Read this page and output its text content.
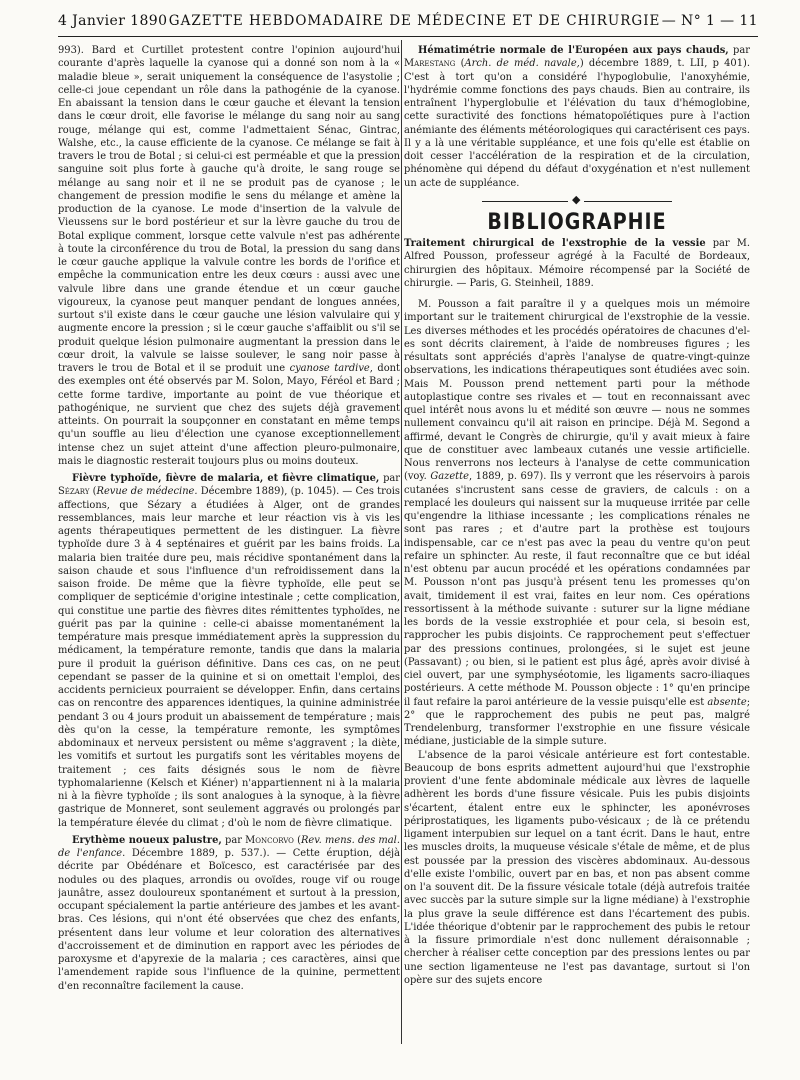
4 Janvier 1890 GAZETTE HEBDOMADAIRE DE MÉDECINE ET DE CHIRURGIE — N° 1 — 11

993). Bard et Curtillet protestent contre l'opinion aujourd'hui courante d'après laquelle la cyanose qui a donné son nom à la « maladie bleue », serait uniquement la conséquence de l'asystolie ; celle-ci joue cependant un rôle dans la pathogénie de la cyanose. En abaissant la tension dans le cœur gauche et élevant la tension dans le cœur droit, elle favorise le mélange du sang noir au sang rouge, mélange qui est, comme l'admettaient Sénac, Gintrac, Walshe, etc., la cause efficiente de la cyanose. Ce mélange se fait à travers le trou de Botal ; si celui-ci est perméable et que la pression sanguine soit plus forte à gauche qu'à droite, le sang rouge se mélange au sang noir et il ne se produit pas de cyanose ; le changement de pression modifie le sens du mélange et amène la production de la cyanose. Le mode d'insertion de la valvule de Vieussens sur le bord postérieur et sur la lèvre gauche du trou de Botal explique comment, lorsque cette valvule n'est pas adhérente à toute la circonférence du trou de Botal, la pression du sang dans le cœur gauche applique la valvule contre les bords de l'orifice et empêche la communication entre les deux cœurs : aussi avec une valvule libre dans une grande étendue et un cœur gauche vigoureux, la cyanose peut manquer pendant de longues années, surtout s'il existe dans le cœur gauche une lésion valvulaire qui y augmente encore la pression ; si le cœur gauche s'affaiblit ou s'il se produit quelque lésion pulmonaire augmentant la pression dans le cœur droit, la valvule se laisse soulever, le sang noir passe à travers le trou de Botal et il se produit une cyanose tardive, dont des exemples ont été observés par M. Solon, Mayo, Féréol et Bard ; cette forme tardive, importante au point de vue théorique et pathogénique, ne survient que chez des sujets déjà gravement atteints. On pourrait la soupçonner en constatant en même temps qu'un souffle au lieu d'élection une cyanose exceptionnellement intense chez un sujet atteint d'une affection pleuro-pulmonaire, mais le diagnostic resterait toujours plus ou moins douteux.

Fièvre typhoïde, fièvre de malaria, et fièvre climatique, par Sézary (Revue de médecine. Décembre 1889), (p. 1045). — Ces trois affections, que Sézary a étudiées à Alger, ont de grandes ressemblances, mais leur marche et leur réaction vis à vis les agents thérapeutiques permettent de les distinguer. La fièvre typhoïde dure 3 à 4 septénaires et guérit par les bains froids. La malaria bien traitée dure peu, mais récidive spontanément dans la saison chaude et sous l'influence d'un refroidissement dans la saison froide. De même que la fièvre typhoïde, elle peut se compliquer de septicémie d'origine intestinale ; cette complication, qui constitue une partie des fièvres dites rémittentes typhoïdes, ne guérit pas par la quinine : celle-ci abaisse momentanément la température mais presque immédiatement après la suppression du médicament, la température remonte, tandis que dans la malaria pure il produit la guérison définitive. Dans ces cas, on ne peut cependant se passer de la quinine et si on omettait l'emploi, des accidents pernicieux pourraient se développer. Enfin, dans certains cas on rencontre des apparences identiques, la quinine administrée pendant 3 ou 4 jours produit un abaissement de température ; mais dès qu'on la cesse, la température remonte, les symptômes abdominaux et nerveux persistent ou même s'aggravent ; la diète, les vomitifs et surtout les purgatifs sont les véritables moyens de traitement ; ces faits désignés sous le nom de fièvre typhomalarienne (Kelsch et Kiéner) n'appartiennent ni à la malaria ni à la fièvre typhoïde ; ils sont analogues à la synoque, à la fièvre gastrique de Monneret, sont seulement aggravés ou prolongés par la température élevée du climat ; d'où le nom de fièvre climatique.

Erythème noueux palustre, par Moncorvo (Rev. mens. des mal. de l'enfance. Décembre 1889, p. 537.). — Cette éruption, déjà décrite par Obédénare et Boïcesco, est caractérisée par des nodules ou des plaques, arrondis ou ovoïdes, rouge vif ou rouge jaunâtre, assez douloureux spontanément et surtout à la pression, occupant spécialement la partie antérieure des jambes et les avant-bras. Ces lésions, qui n'ont été observées que chez des enfants, présentent dans leur volume et leur coloration des alternatives d'accroissement et de diminution en rapport avec les périodes de paroxysme et d'apyrexie de la malaria ; ces caractères, ainsi que l'amendement rapide sous l'influence de la quinine, permettent d'en reconnaître facilement la cause.

Hématimétrie normale de l'Européen aux pays chauds, par Marestang (Arch. de méd. navale,) décembre 1889, t. LII, p 401). C'est à tort qu'on a considéré l'hypoglobulie, l'anoxyhémie, l'hydrémie comme fonctions des pays chauds. Bien au contraire, ils entraînent l'hyperglobulie et l'élévation du taux d'hémoglobine, cette suractivité des fonctions hématopoïétiques pure à l'action anémiante des éléments météorologiques qui caractérisent ces pays. Il y a là une véritable suppléance, et une fois qu'elle est établie on doit cesser l'accélération de la respiration et de la circulation, phénomène qui dépend du défaut d'oxygénation et n'est nullement un acte de suppléance.

◆
BIBLIOGRAPHIE

Traitement chirurgical de l'exstrophie de la vessie par M. Alfred Pousson, professeur agrégé à la Faculté de Bordeaux, chirurgien des hôpitaux. Mémoire récompensé par la Société de chirurgie. — Paris, G. Steinheil, 1889.

M. Pousson a fait paraître il y a quelques mois un mémoire important sur le traitement chirurgical de l'exstrophie de la vessie. Les diverses méthodes et les procédés opératoires de chacunes d'el-es sont décrits clairement, à l'aide de nombreuses figures ; les résultats sont appréciés d'après l'analyse de quatre-vingt-quinze observations, les indications thérapeutiques sont étudiées avec soin. Mais M. Pousson prend nettement parti pour la méthode autoplastique contre ses rivales et — tout en reconnaissant avec quel intérêt nous avons lu et médité son œuvre — nous ne sommes nullement convaincu qu'il ait raison en principe. Déjà M. Segond a affirmé, devant le Congrès de chirurgie, qu'il y avait mieux à faire que de constituer avec lambeaux cutanés une vessie artificielle. Nous renverrons nos lecteurs à l'analyse de cette communication (voy. Gazette, 1889, p. 697). Ils y verront que les réservoirs à parois cutanées s'incrustent sans cesse de graviers, de calculs : on a remplacé les douleurs qui naissent sur la muqueuse irritée par celle qu'engendre la lithiase incessante ; les complications rénales ne sont pas rares ; et d'autre part la prothèse est toujours indispensable, car ce n'est pas avec la peau du ventre qu'on peut refaire un sphincter. Au reste, il faut reconnaître que ce but idéal n'est obtenu par aucun procédé et les opérations condamnées par M. Pousson n'ont pas jusqu'à présent tenu les promesses qu'on avait, timidement il est vrai, faites en leur nom. Ces opérations ressortissent à la méthode suivante : suturer sur la ligne médiane les bords de la vessie exstrophiée et pour cela, si besoin est, rapprocher les pubis disjoints. Ce rapprochement peut s'effectuer par des pressions continues, prolongées, si le sujet est jeune (Passavant) ; ou bien, si le patient est plus âgé, après avoir divisé à ciel ouvert, par une symphyséotomie, les ligaments sacro-iliaques postérieurs. A cette méthode M. Pousson objecte : 1° qu'en principe il faut refaire la paroi antérieure de la vessie puisqu'elle est absente; 2° que le rapprochement des pubis ne peut pas, malgré Trendelenburg, transformer l'exstrophie en une fissure vésicale médiane, justiciable de la simple suture.

L'absence de la paroi vésicale antérieure est fort contestable. Beaucoup de bons esprits admettent aujourd'hui que l'exstrophie provient d'une fente abdominale médicale aux lèvres de laquelle adhèrent les bords d'une fissure vésicale. Puis les pubis disjoints s'écartent, étalent entre eux le sphincter, les aponévroses périprostatiques, les ligaments pubo-vésicaux ; de là ce prétendu ligament interpubien sur lequel on a tant écrit. Dans le haut, entre les muscles droits, la muqueuse vésicale s'étale de même, et de plus est poussée par la pression des viscères abdominaux. Au-dessous d'elle existe l'ombilic, ouvert par en bas, et non pas absent comme on l'a souvent dit. De la fissure vésicale totale (déjà autrefois traitée avec succès par la suture simple sur la ligne médiane) à l'exstrophie la plus grave la seule différence est dans l'écartement des pubis. L'idée théorique d'obtenir par le rapprochement des pubis le retour à la fissure primordiale n'est donc nullement déraisonnable ; chercher à réaliser cette conception par des pressions lentes ou par une section ligamenteuse ne l'est pas davantage, surtout si l'on opère sur des sujets encore
